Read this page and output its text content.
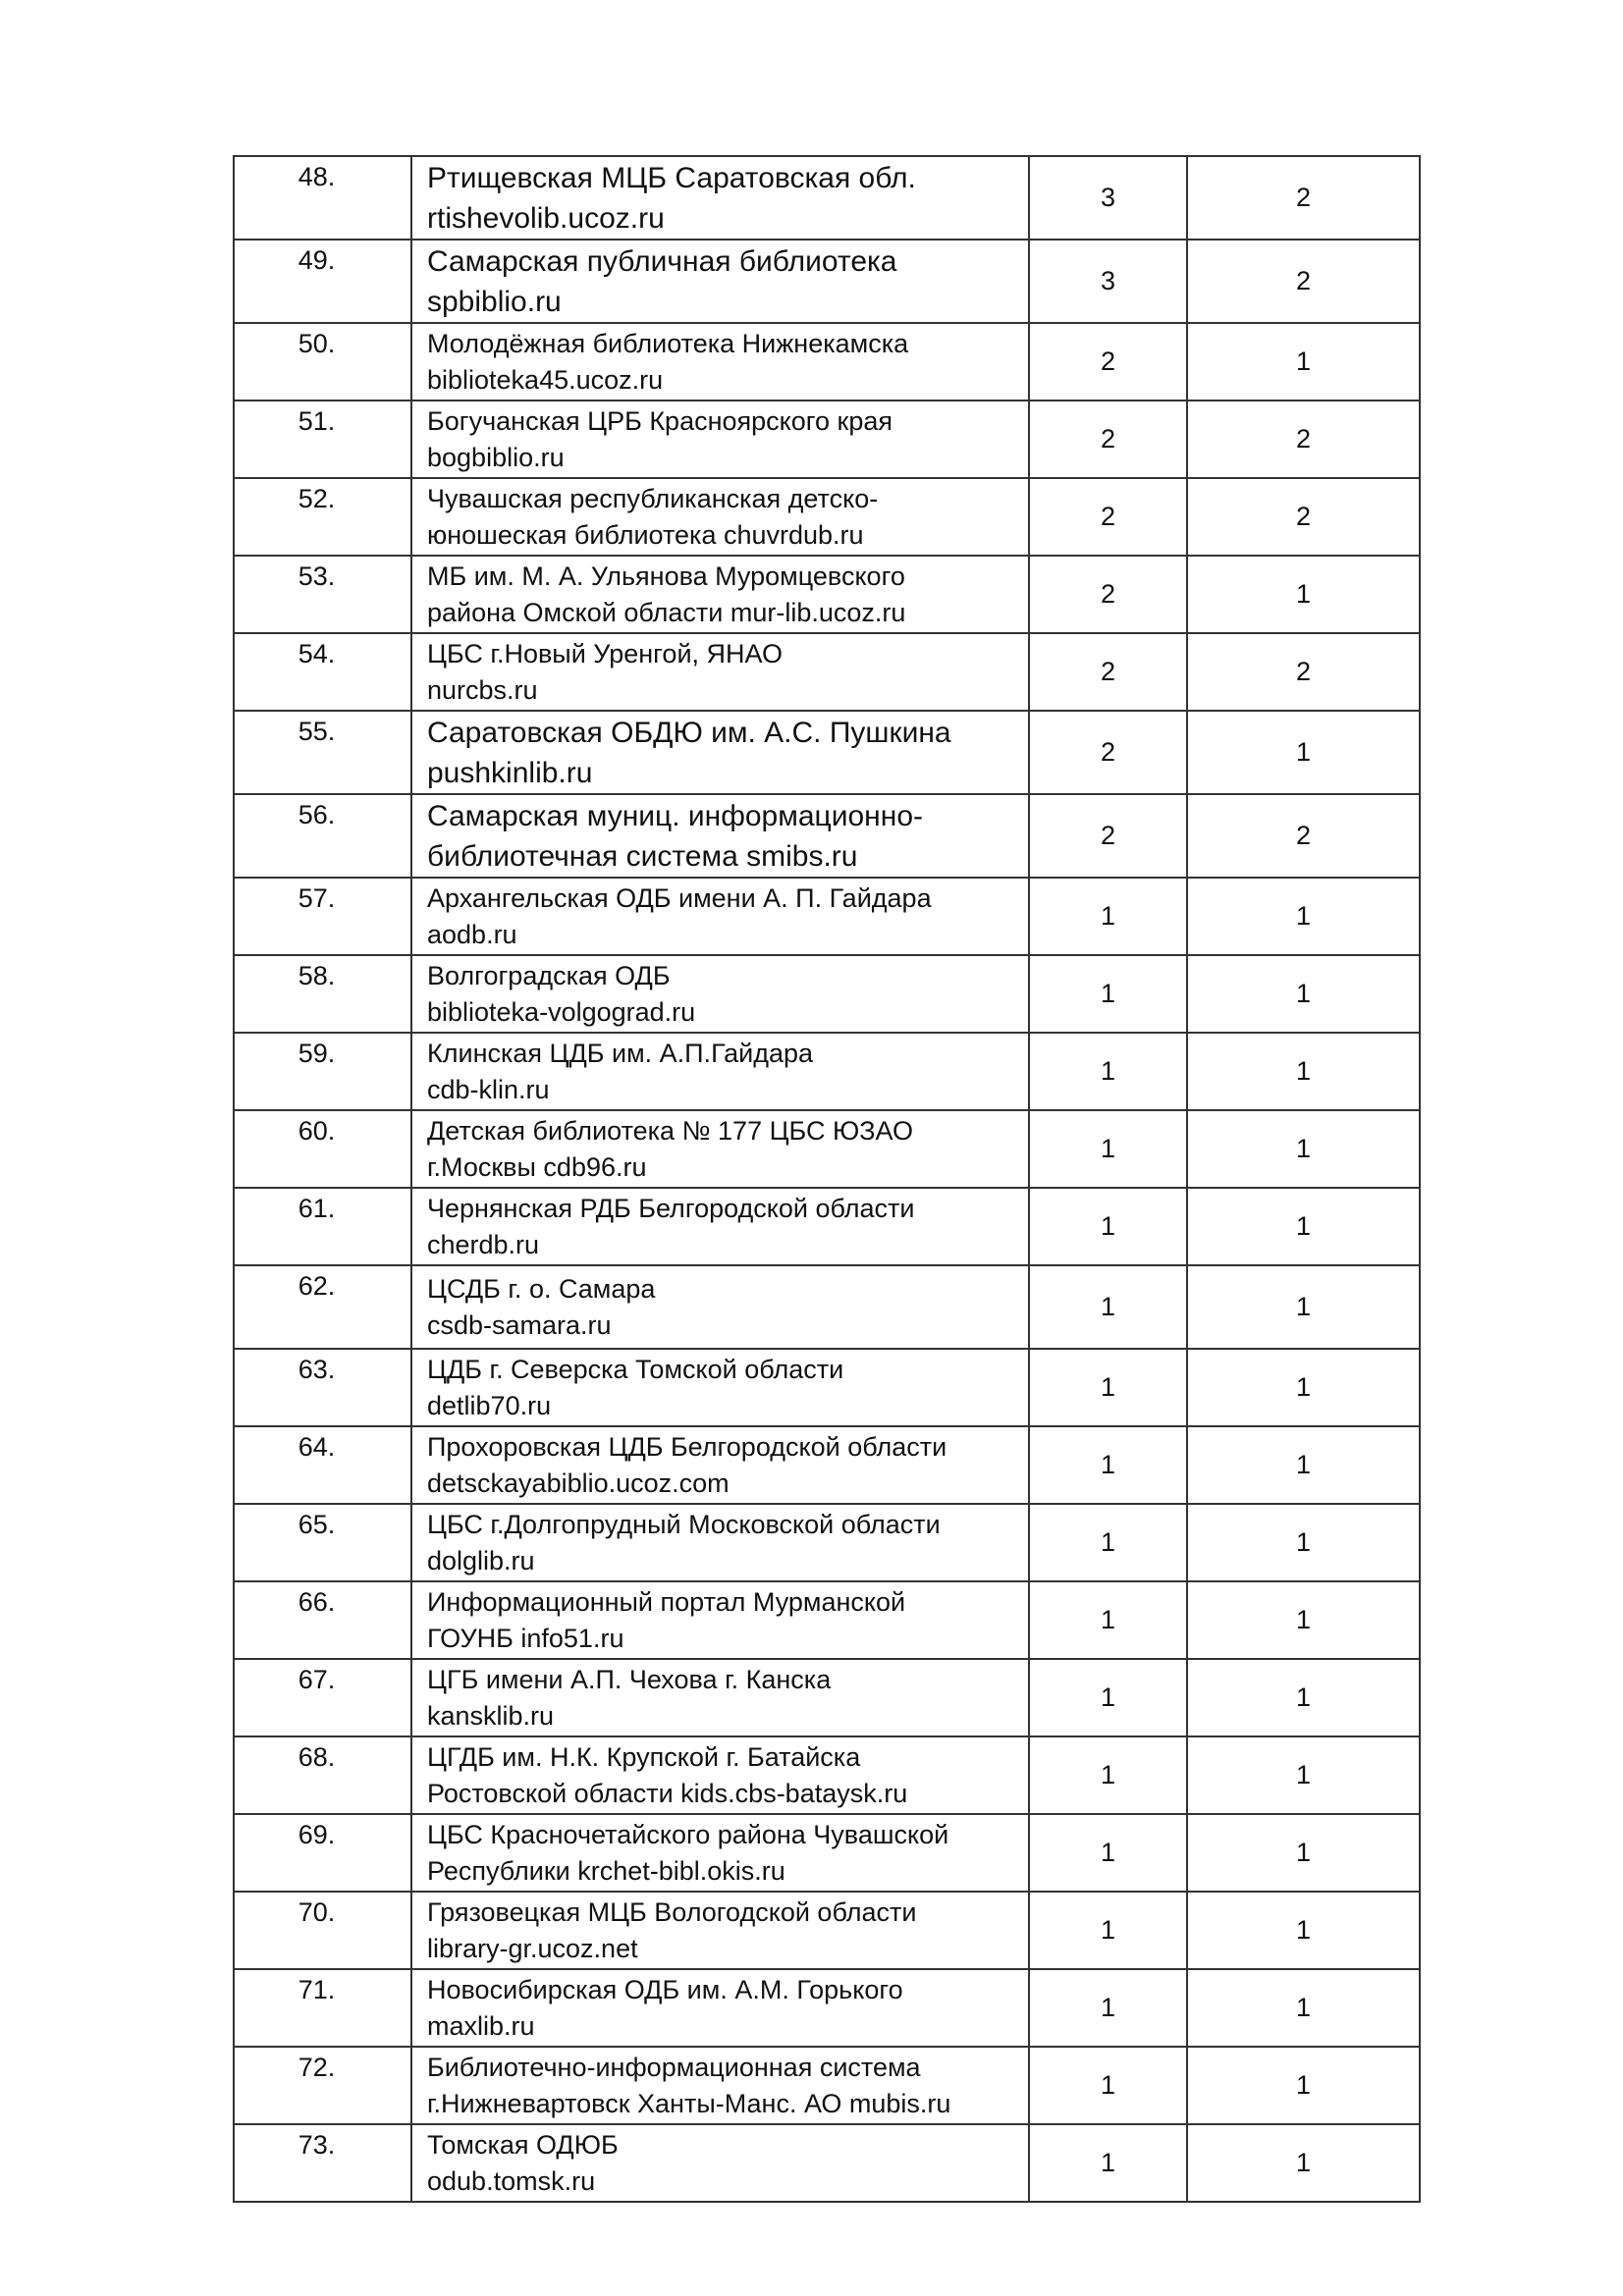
48.	Ртищевская МЦБ Саратовская обл.
rtishevolib.ucoz.ru	3	2

49.	Самарская публичная библиотека
spbiblio.ru	3	2

50.	Молодёжная библиотека Нижнекамска
biblioteka45.ucoz.ru	2	1

51.	Богучанская ЦРБ Красноярского края
bogbiblio.ru	2	2

52.	Чувашская республиканская детско-
юношеская библиотека chuvrdub.ru	2	2

53.	МБ им. М. А. Ульянова Муромцевского
района Омской области mur-lib.ucoz.ru	2	1

54.	ЦБС г.Новый Уренгой, ЯНАО
nurcbs.ru	2	2

55.	Саратовская ОБДЮ им. А.С. Пушкина
pushkinlib.ru	2	1

56.	Самарская муниц. информационно-
библиотечная система smibs.ru	2	2

57.	Архангельская ОДБ имени А. П. Гайдара
aodb.ru	1	1

58.	Волгоградская ОДБ
biblioteka-volgograd.ru	1	1

59.	Клинская ЦДБ им. А.П.Гайдара
cdb-klin.ru	1	1

60.	Детская библиотека № 177 ЦБС ЮЗАО
г.Москвы cdb96.ru	1	1

61.	Чернянская РДБ Белгородской области
cherdb.ru	1	1

62.	ЦСДБ г. о. Самара
csdb-samara.ru	1	1

63.	ЦДБ г. Северска Томской области
detlib70.ru	1	1

64.	Прохоровская ЦДБ Белгородской области
detsckayabiblio.ucoz.com	1	1

65.	ЦБС г.Долгопрудный Московской области
dolglib.ru	1	1

66.	Информационный портал Мурманской
ГОУНБ info51.ru	1	1

67.	ЦГБ имени А.П. Чехова г. Канска
kansklib.ru	1	1

68.	ЦГДБ им. Н.К. Крупской г. Батайска
Ростовской области kids.cbs-bataysk.ru	1	1

69.	ЦБС Красночетайского района Чувашской
Республики krchet-bibl.okis.ru	1	1

70.	Грязовецкая МЦБ Вологодской области
library-gr.ucoz.net	1	1

71.	Новосибирская ОДБ им. А.М. Горького
maxlib.ru	1	1

72.	Библиотечно-информационная система
г.Нижневартовск Ханты-Манс. АО mubis.ru	1	1

73.	Томская ОДЮБ
odub.tomsk.ru	1	1
